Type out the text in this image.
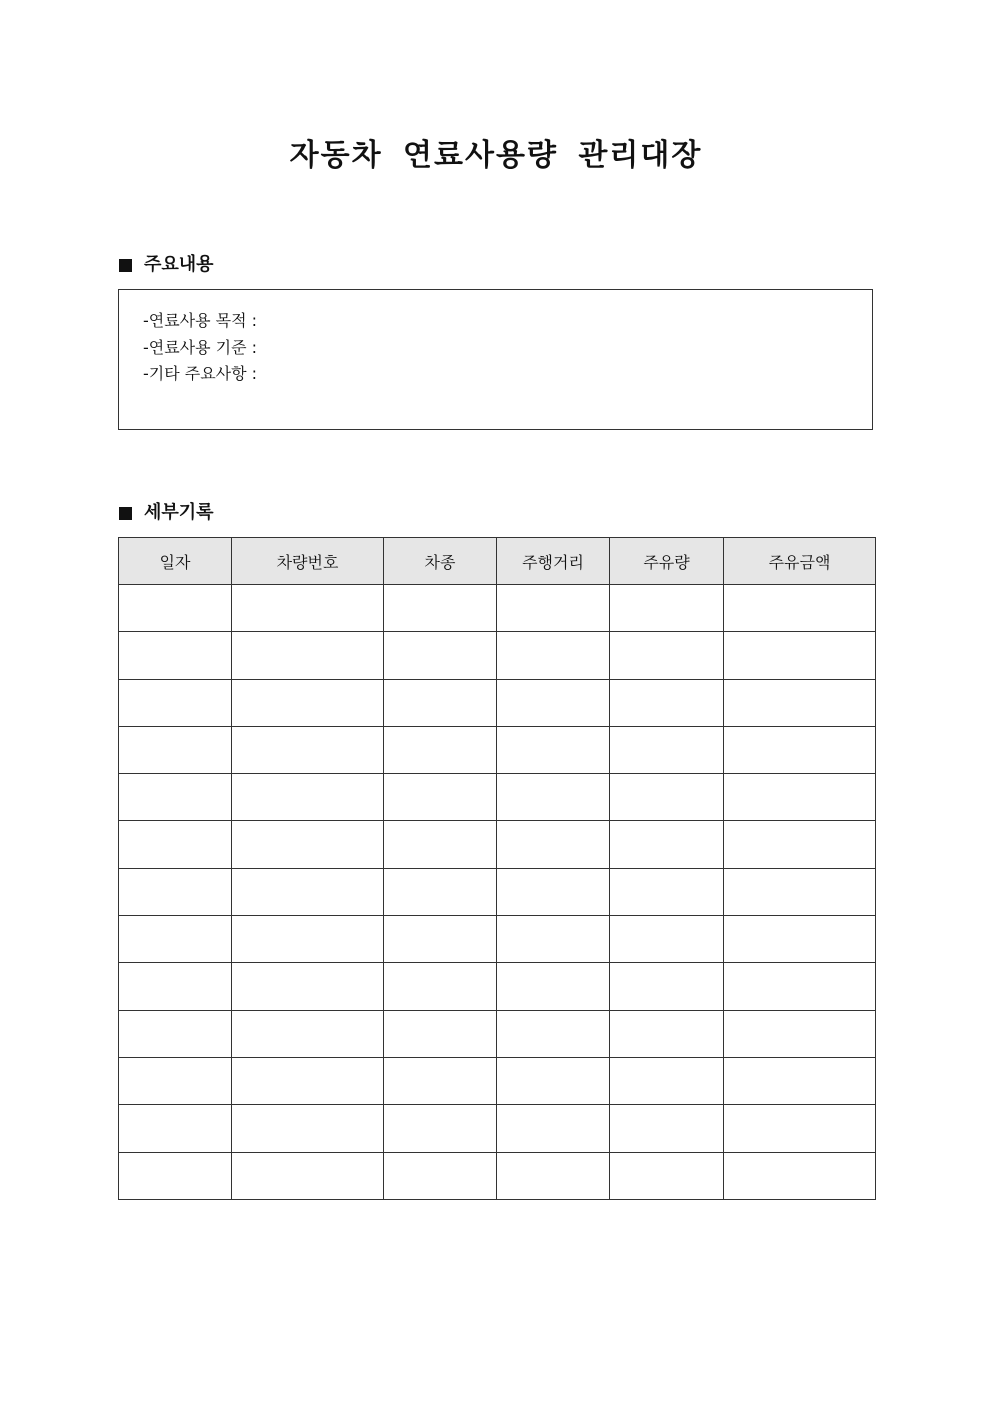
자동차 연료사용량 관리대장
주요내용
-연료사용 목적 :
-연료사용 기준 :
-기타 주요사항 :
세부기록
일자	차량번호	차종	주행거리	주유량	주유금액
